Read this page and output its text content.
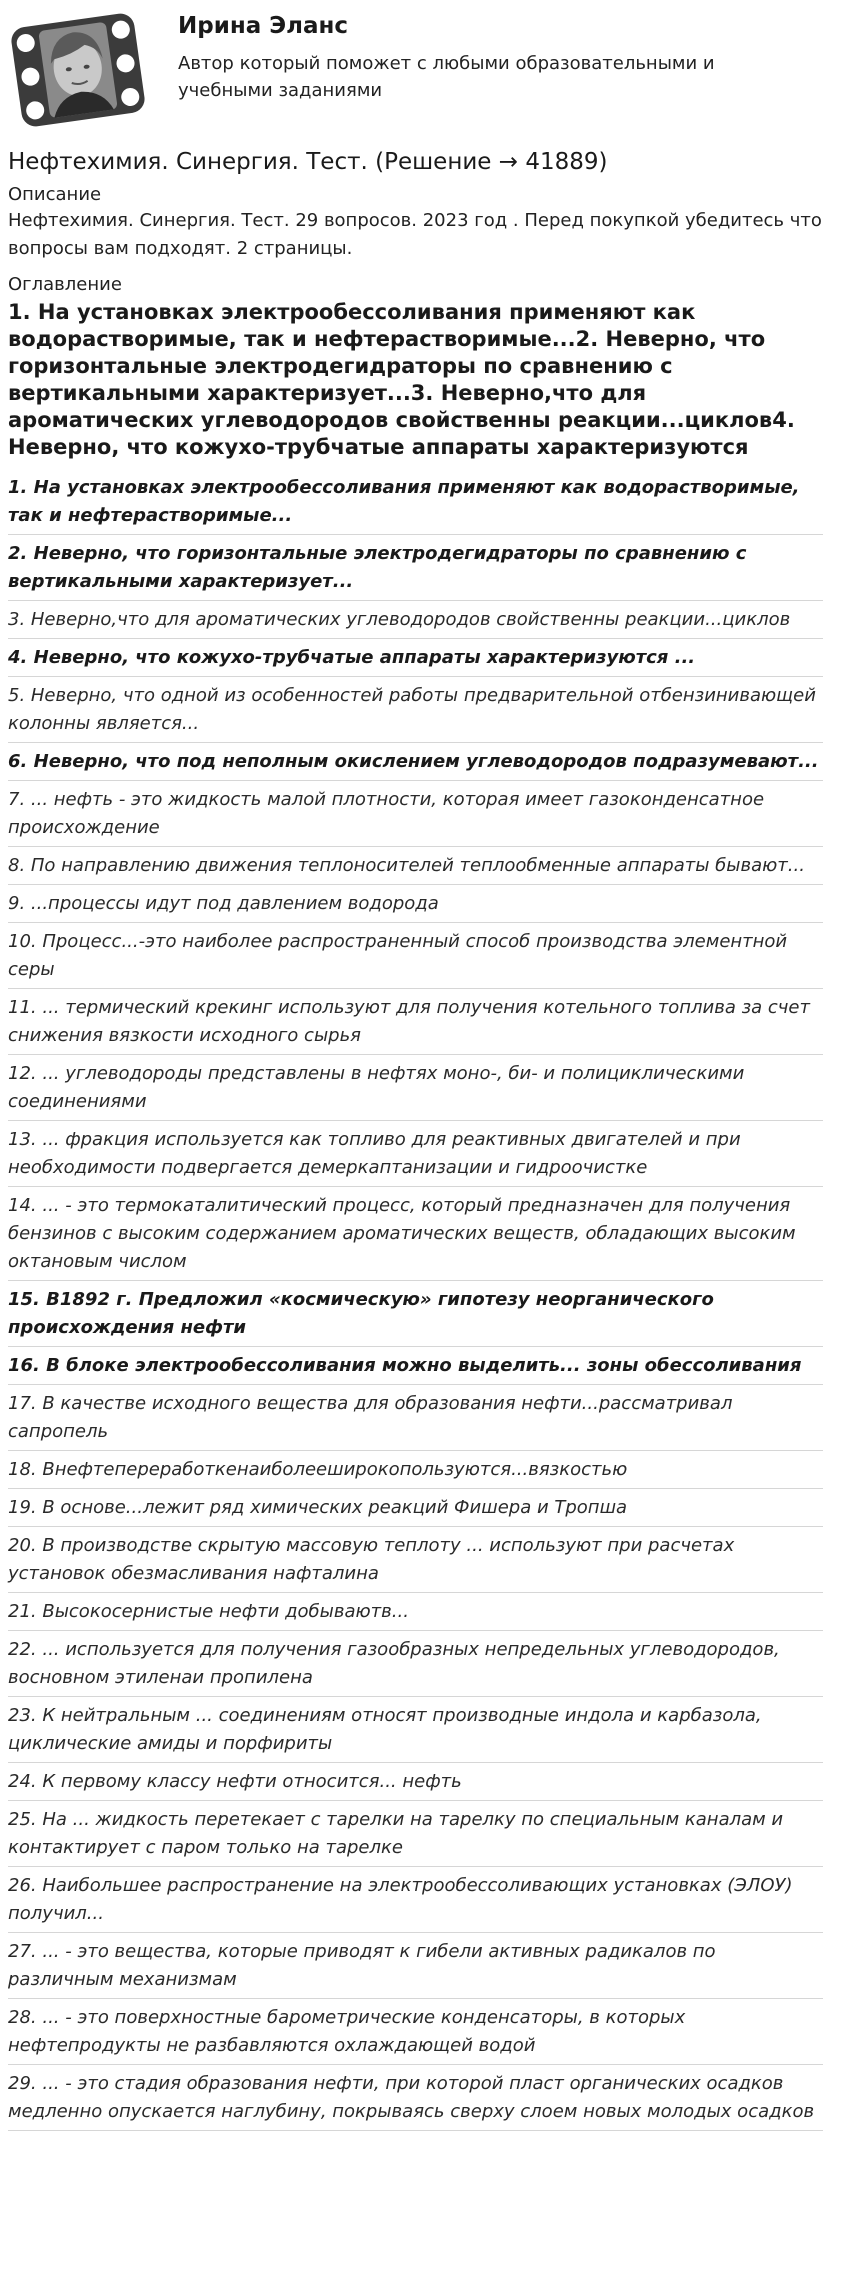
Ирина Эланс
Автор который поможет с любыми образовательными и учебными заданиями
Нефтехимия. Синергия. Тест. (Решение → 41889)
Описание
Нефтехимия. Синергия. Тест. 29 вопросов. 2023 год . Перед покупкой убедитесь что вопросы вам подходят. 2 страницы.
Оглавление
1. На установках электрообессоливания применяют как водорастворимые, так и нефтерастворимые...2. Неверно, что горизонтальные электродегидраторы по сравнению с вертикальными характеризует...3. Неверно,что для ароматических углеводородов свойственны реакции...циклов4. Неверно, что кожухо-трубчатые аппараты характеризуются
1. На установках электрообессоливания применяют как водорастворимые, так и нефтерастворимые...
2. Неверно, что горизонтальные электродегидраторы по сравнению с вертикальными характеризует...
3. Неверно,что для ароматических углеводородов свойственны реакции...циклов
4. Неверно, что кожухо-трубчатые аппараты характеризуются ...
5. Неверно, что одной из особенностей работы предварительной отбензинивающей колонны является...
6. Неверно, что под неполным окислением углеводородов подразумевают...
7. ... нефть - это жидкость малой плотности, которая имеет газоконденсатное происхождение
8. По направлению движения теплоносителей теплообменные аппараты бывают...
9. ...процессы идут под давлением водорода
10. Процесс...-это наиболее распространенный способ производства элементной серы
11. ... термический крекинг используют для получения котельного топлива за счет снижения вязкости исходного сырья
12. ... углеводороды представлены в нефтях моно-, би- и полициклическими соединениями
13. ... фракция используется как топливо для реактивных двигателей и при необходимости подвергается демеркаптанизации и гидроочистке
14. ... - это термокаталитический процесс, который предназначен для получения бензинов с высоким содержанием ароматических веществ, обладающих высоким октановым числом
15. В1892 г. Предложил «космическую» гипотезу неорганического происхождения нефти
16. В блоке электрообессоливания можно выделить... зоны обессоливания
17. В качестве исходного вещества для образования нефти...рассматривал сапропель
18. Внефтепереработкенаиболееширокопользуются...вязкостью
19. В основе...лежит ряд химических реакций Фишера и Тропша
20. В производстве скрытую массовую теплоту ... используют при расчетах установок обезмасливания нафталина
21. Высокосернистые нефти добываютв...
22. ... используется для получения газообразных непредельных углеводородов, восновном этиленаи пропилена
23. К нейтральным ... соединениям относят производные индола и карбазола, циклические амиды и порфириты
24. К первому классу нефти относится... нефть
25. На ... жидкость перетекает с тарелки на тарелку по специальным каналам и контактирует с паром только на тарелке
26. Наибольшее распространение на электрообессоливающих установках (ЭЛОУ) получил...
27. ... - это вещества, которые приводят к гибели активных радикалов по различным механизмам
28. ... - это поверхностные барометрические конденсаторы, в которых нефтепродукты не разбавляются охлаждающей водой
29. ... - это стадия образования нефти, при которой пласт органических осадков медленно опускается наглубину, покрываясь сверху слоем новых молодых осадков
